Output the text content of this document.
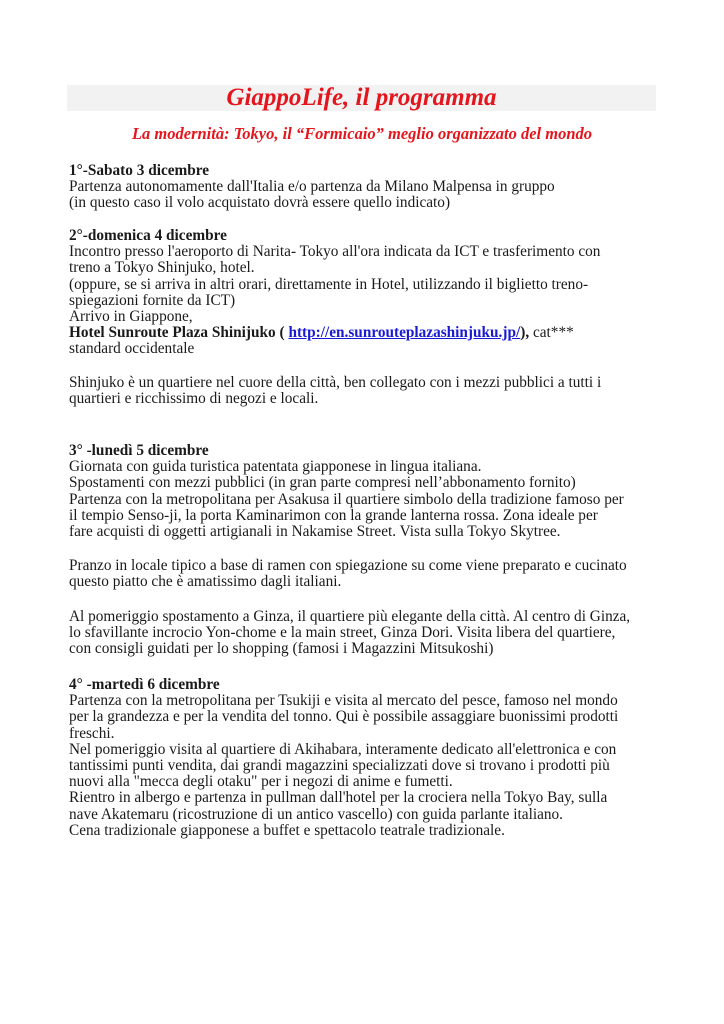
GiappoLife, il programma

La modernità: Tokyo, il “Formicaio” meglio organizzato del mondo

1°-Sabato 3 dicembre
Partenza autonomamente dall'Italia e/o partenza da Milano Malpensa in gruppo
(in questo caso il volo acquistato dovrà essere quello indicato)
2°-domenica 4 dicembre
Incontro presso l'aeroporto di Narita- Tokyo all'ora indicata da ICT e trasferimento con
treno a Tokyo Shinjuko, hotel.
(oppure, se si arriva in altri orari, direttamente in Hotel, utilizzando il biglietto treno-
spiegazioni fornite da ICT)
Arrivo in Giappone,
Hotel Sunroute Plaza Shinijuko ( http://en.sunrouteplazashinjuku.jp/), cat***
standard occidentale
Shinjuko è un quartiere nel cuore della città, ben collegato con i mezzi pubblici a tutti i
quartieri e ricchissimo di negozi e locali.
3° -lunedì 5 dicembre
Giornata con guida turistica patentata giapponese in lingua italiana.
Spostamenti con mezzi pubblici (in gran parte compresi nell’abbonamento fornito)
Partenza con la metropolitana per Asakusa il quartiere simbolo della tradizione famoso per
il tempio Senso-ji, la porta Kaminarimon con la grande lanterna rossa. Zona ideale per
fare acquisti di oggetti artigianali in Nakamise Street. Vista sulla Tokyo Skytree.
Pranzo in locale tipico a base di ramen con spiegazione su come viene preparato e cucinato
questo piatto che è amatissimo dagli italiani.
Al pomeriggio spostamento a Ginza, il quartiere più elegante della città. Al centro di Ginza,
lo sfavillante incrocio Yon-chome e la main street, Ginza Dori. Visita libera del quartiere,
con consigli guidati per lo shopping (famosi i Magazzini Mitsukoshi)
4° -martedì 6 dicembre
Partenza con la metropolitana per Tsukiji e visita al mercato del pesce, famoso nel mondo
per la grandezza e per la vendita del tonno. Qui è possibile assaggiare buonissimi prodotti
freschi.
Nel pomeriggio visita al quartiere di Akihabara, interamente dedicato all'elettronica e con
tantissimi punti vendita, dai grandi magazzini specializzati dove si trovano i prodotti più
nuovi alla "mecca degli otaku" per i negozi di anime e fumetti.
Rientro in albergo e partenza in pullman dall'hotel per la crociera nella Tokyo Bay, sulla
nave Akatemaru (ricostruzione di un antico vascello) con guida parlante italiano.
Cena tradizionale giapponese a buffet e spettacolo teatrale tradizionale.
